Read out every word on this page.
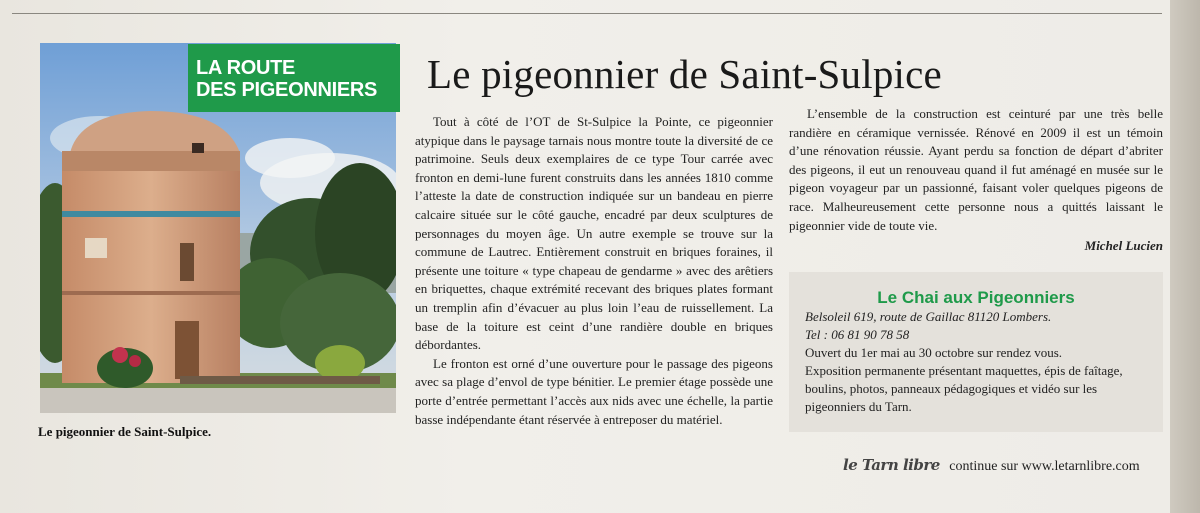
LA ROUTE
DES PIGEONNIERS
Le pigeonnier de Saint-Sulpice.
Le pigeonnier de Saint-Sulpice

Tout à côté de l’OT de St-Sulpice la Pointe, ce pigeonnier atypique dans le paysage tarnais nous montre toute la diversité de ce patrimoine. Seuls deux exemplaires de ce type Tour carrée avec fronton en demi-lune furent construits dans les années 1810 comme l’atteste la date de construction indiquée sur un bandeau en pierre calcaire située sur le côté gauche, encadré par deux sculptures de personnages du moyen âge. Un autre exemple se trouve sur la commune de Lautrec. Entièrement construit en briques foraines, il présente une toiture « type chapeau de gendarme » avec des arêtiers en briquettes, chaque extrémité recevant des briques plates formant un tremplin afin d’évacuer au plus loin l’eau de ruissellement. La base de la toiture est ceint d’une randière double en briques débordantes.

Le fronton est orné d’une ouverture pour le passage des pigeons avec sa plage d’envol de type bénitier. Le premier étage possède une porte d’entrée permettant l’accès aux nids avec une échelle, la partie basse indépendante étant réservée à entreposer du matériel.

L’ensemble de la construction est ceinturé par une très belle randière en céramique vernissée. Rénové en 2009 il est un témoin d’une rénovation réussie. Ayant perdu sa fonction de départ d’abriter des pigeons, il eut un renouveau quand il fut aménagé en musée sur le pigeon voyageur par un passionné, faisant voler quelques pigeons de race. Malheureusement cette personne nous a quittés laissant le pigeonnier vide de toute vie.

Michel Lucien
Le Chai aux Pigeonniers
Belsoleil 619, route de Gaillac 81120 Lombers.
Tel : 06 81 90 78 58
Ouvert du 1er mai au 30 octobre sur rendez vous.
Exposition permanente présentant maquettes, épis de faîtage, boulins, photos, panneaux pédagogiques et vidéo sur les pigeonniers du Tarn.
le Tarn libre continue sur www.letarnlibre.com
